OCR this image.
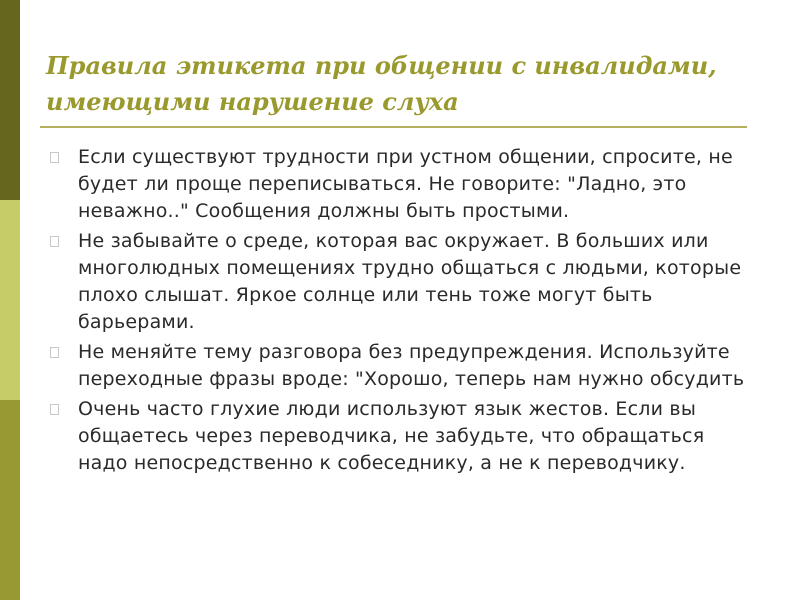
Правила этикета при общении с инвалидами,
имеющими нарушение слуха
Если существуют трудности при устном общении, спросите, не будет ли проще переписываться. Не говорите: "Ладно, это неважно.." Сообщения должны быть простыми.
Не забывайте о среде, которая вас окружает. В больших или многолюдных помещениях трудно общаться с людьми, которые плохо слышат. Яркое солнце или тень тоже могут быть барьерами.
Не меняйте тему разговора без предупреждения. Используйте переходные фразы вроде: "Хорошо, теперь нам нужно обсудить
Очень часто глухие люди используют язык жестов. Если вы общаетесь через переводчика, не забудьте, что обращаться надо непосредственно к собеседнику, а не к переводчику.
